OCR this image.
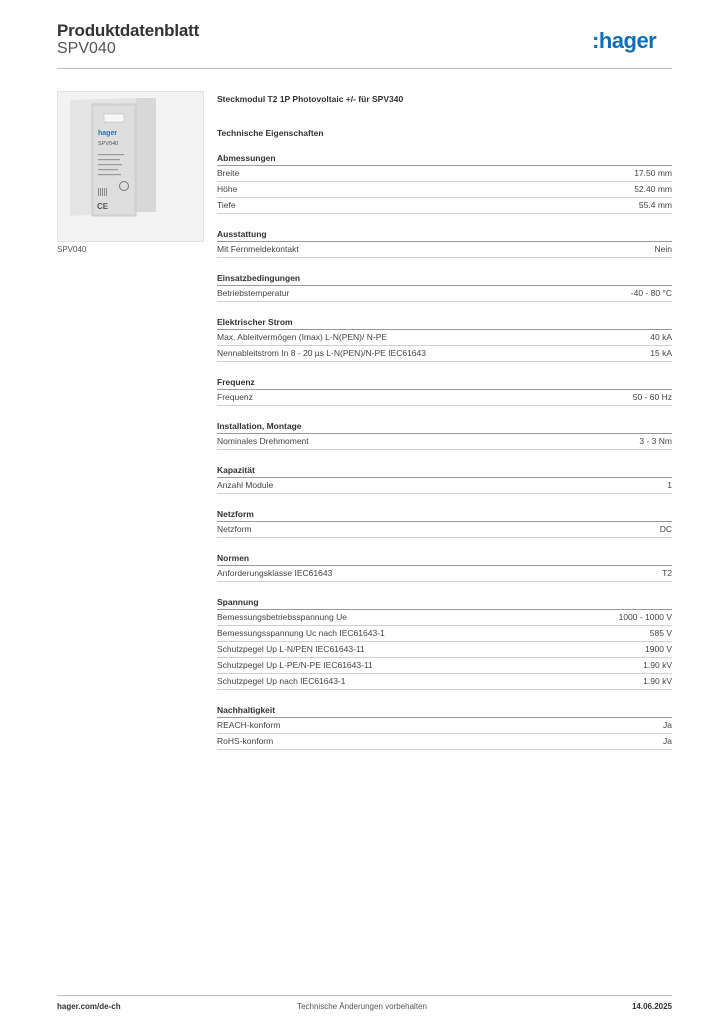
Produktdatenblatt
SPV040	:hager
hager
SPV040
CE
SPV040
Steckmodul T2 1P Photovoltaic +/- für SPV340
Technische Eigenschaften
Abmessungen
Breite	17.50 mm
Höhe	52.40 mm
Tiefe	55.4 mm
Ausstattung
Mit Fernmeldekontakt	Nein
Einsatzbedingungen
Betriebstemperatur	-40 - 80 °C
Elektrischer Strom
Max. Ableitvermögen (Imax) L-N(PEN)/ N-PE	40 kA
Nennableitstrom In 8 - 20 µs L-N(PEN)/N-PE IEC61643	15 kA
Frequenz
Frequenz	50 - 60 Hz
Installation, Montage
Nominales Drehmoment	3 - 3 Nm
Kapazität
Anzahl Module	1
Netzform
Netzform	DC
Normen
Anforderungsklasse IEC61643	T2
Spannung
Bemessungsbetriebsspannung Ue	1000 - 1000 V
Bemessungsspannung Uc nach IEC61643-1	585 V
Schutzpegel Up L-N/PEN IEC61643-11	1900 V
Schutzpegel Up L-PE/N-PE IEC61643-11	1.90 kV
Schutzpegel Up nach IEC61643-1	1.90 kV
Nachhaltigkeit
REACH-konform	Ja
RoHS-konform	Ja
hager.com/de-ch	Technische Änderungen vorbehalten	14.06.2025
